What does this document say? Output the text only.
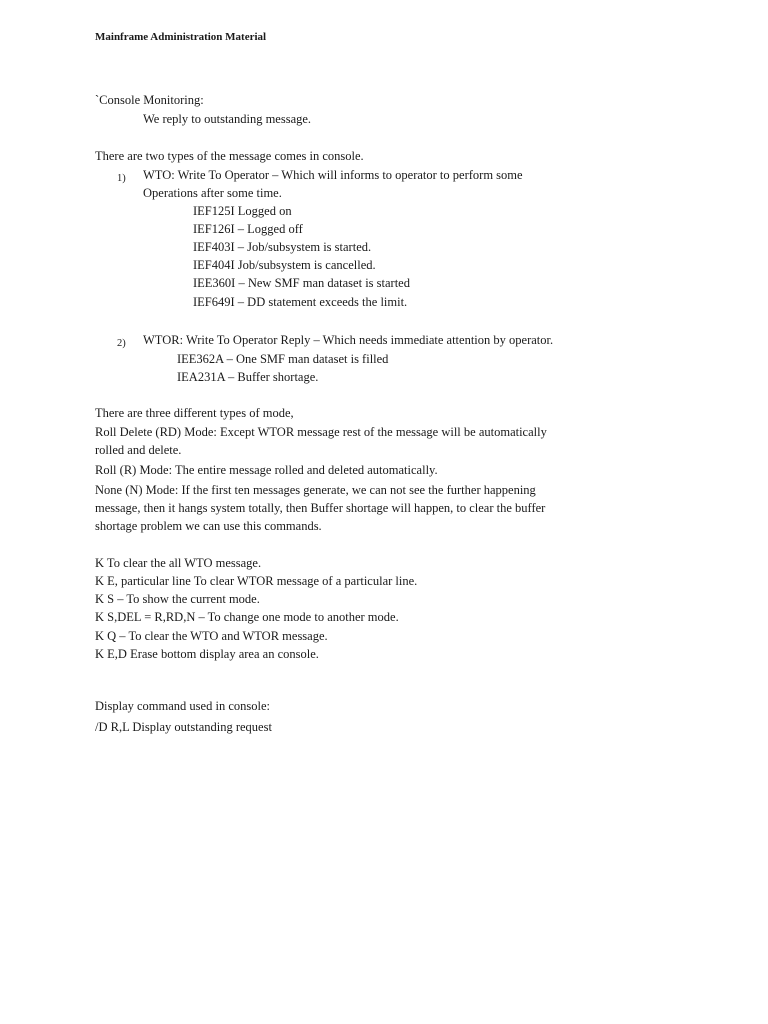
Mainframe Administration Material
`Console Monitoring:
We reply to outstanding message.
There are two types of the message comes in console.
1) WTO: Write To Operator – Which will informs to operator to perform some
Operations after some time.
IEF125I Logged on
IEF126I – Logged off
IEF403I – Job/subsystem is started.
IEF404I Job/subsystem is cancelled.
IEE360I – New SMF man dataset is started
IEF649I – DD statement exceeds the limit.
2) WTOR: Write To Operator Reply – Which needs immediate attention by operator.
IEE362A – One SMF man dataset is filled
IEA231A – Buffer shortage.
There are three different types of mode,
Roll Delete (RD) Mode: Except WTOR message rest of the message will be automatically
rolled and delete.
Roll (R) Mode: The entire message rolled and deleted automatically.
None (N) Mode: If the first ten messages generate, we can not see the further happening
message, then it hangs system totally, then Buffer shortage will happen, to clear the buffer
shortage problem we can use this commands.
K To clear the all WTO message.
K E, particular line To clear WTOR message of a particular line.
K S – To show the current mode.
K S,DEL = R,RD,N – To change one mode to another mode.
K Q – To clear the WTO and WTOR message.
K E,D Erase bottom display area an console.
Display command used in console:
/D R,L Display outstanding request
